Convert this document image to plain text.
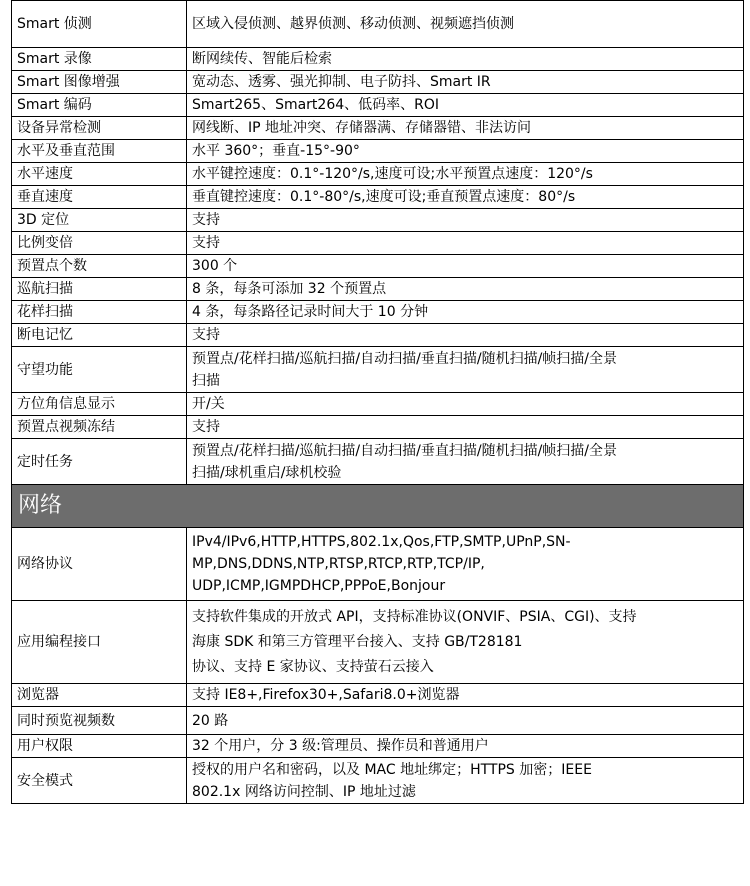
Smart 侦测	区域入侵侦测、越界侦测、移动侦测、视频遮挡侦测
Smart 录像	断网续传、智能后检索
Smart 图像增强	宽动态、透雾、强光抑制、电子防抖、Smart IR
Smart 编码	Smart265、Smart264、低码率、ROI
设备异常检测	网线断、IP 地址冲突、存储器满、存储器错、非法访问
水平及垂直范围	水平 360°；垂直-15°-90°
水平速度	水平键控速度：0.1°-120°/s,速度可设;水平预置点速度：120°/s
垂直速度	垂直键控速度：0.1°-80°/s,速度可设;垂直预置点速度：80°/s
3D 定位	支持
比例变倍	支持
预置点个数	300 个
巡航扫描	8 条，每条可添加 32 个预置点
花样扫描	4 条，每条路径记录时间大于 10 分钟
断电记忆	支持
守望功能	预置点/花样扫描/巡航扫描/自动扫描/垂直扫描/随机扫描/帧扫描/全景
扫描
方位角信息显示	开/关
预置点视频冻结	支持
定时任务	预置点/花样扫描/巡航扫描/自动扫描/垂直扫描/随机扫描/帧扫描/全景
扫描/球机重启/球机校验
网络	
网络协议	IPv4/IPv6,HTTP,HTTPS,802.1x,Qos,FTP,SMTP,UPnP,SN-
MP,DNS,DDNS,NTP,RTSP,RTCP,RTP,TCP/IP,
UDP,ICMP,IGMPDHCP,PPPoE,Bonjour
应用编程接口	支持软件集成的开放式 API，支持标准协议(ONVIF、PSIA、CGI)、支持
海康 SDK 和第三方管理平台接入、支持 GB/T28181
协议、支持 E 家协议、支持萤石云接入
浏览器	支持 IE8+,Firefox30+,Safari8.0+浏览器
同时预览视频数	20 路
用户权限	32 个用户，分 3 级:管理员、操作员和普通用户
安全模式	授权的用户名和密码，以及 MAC 地址绑定；HTTPS 加密；IEEE
802.1x 网络访问控制、IP 地址过滤
